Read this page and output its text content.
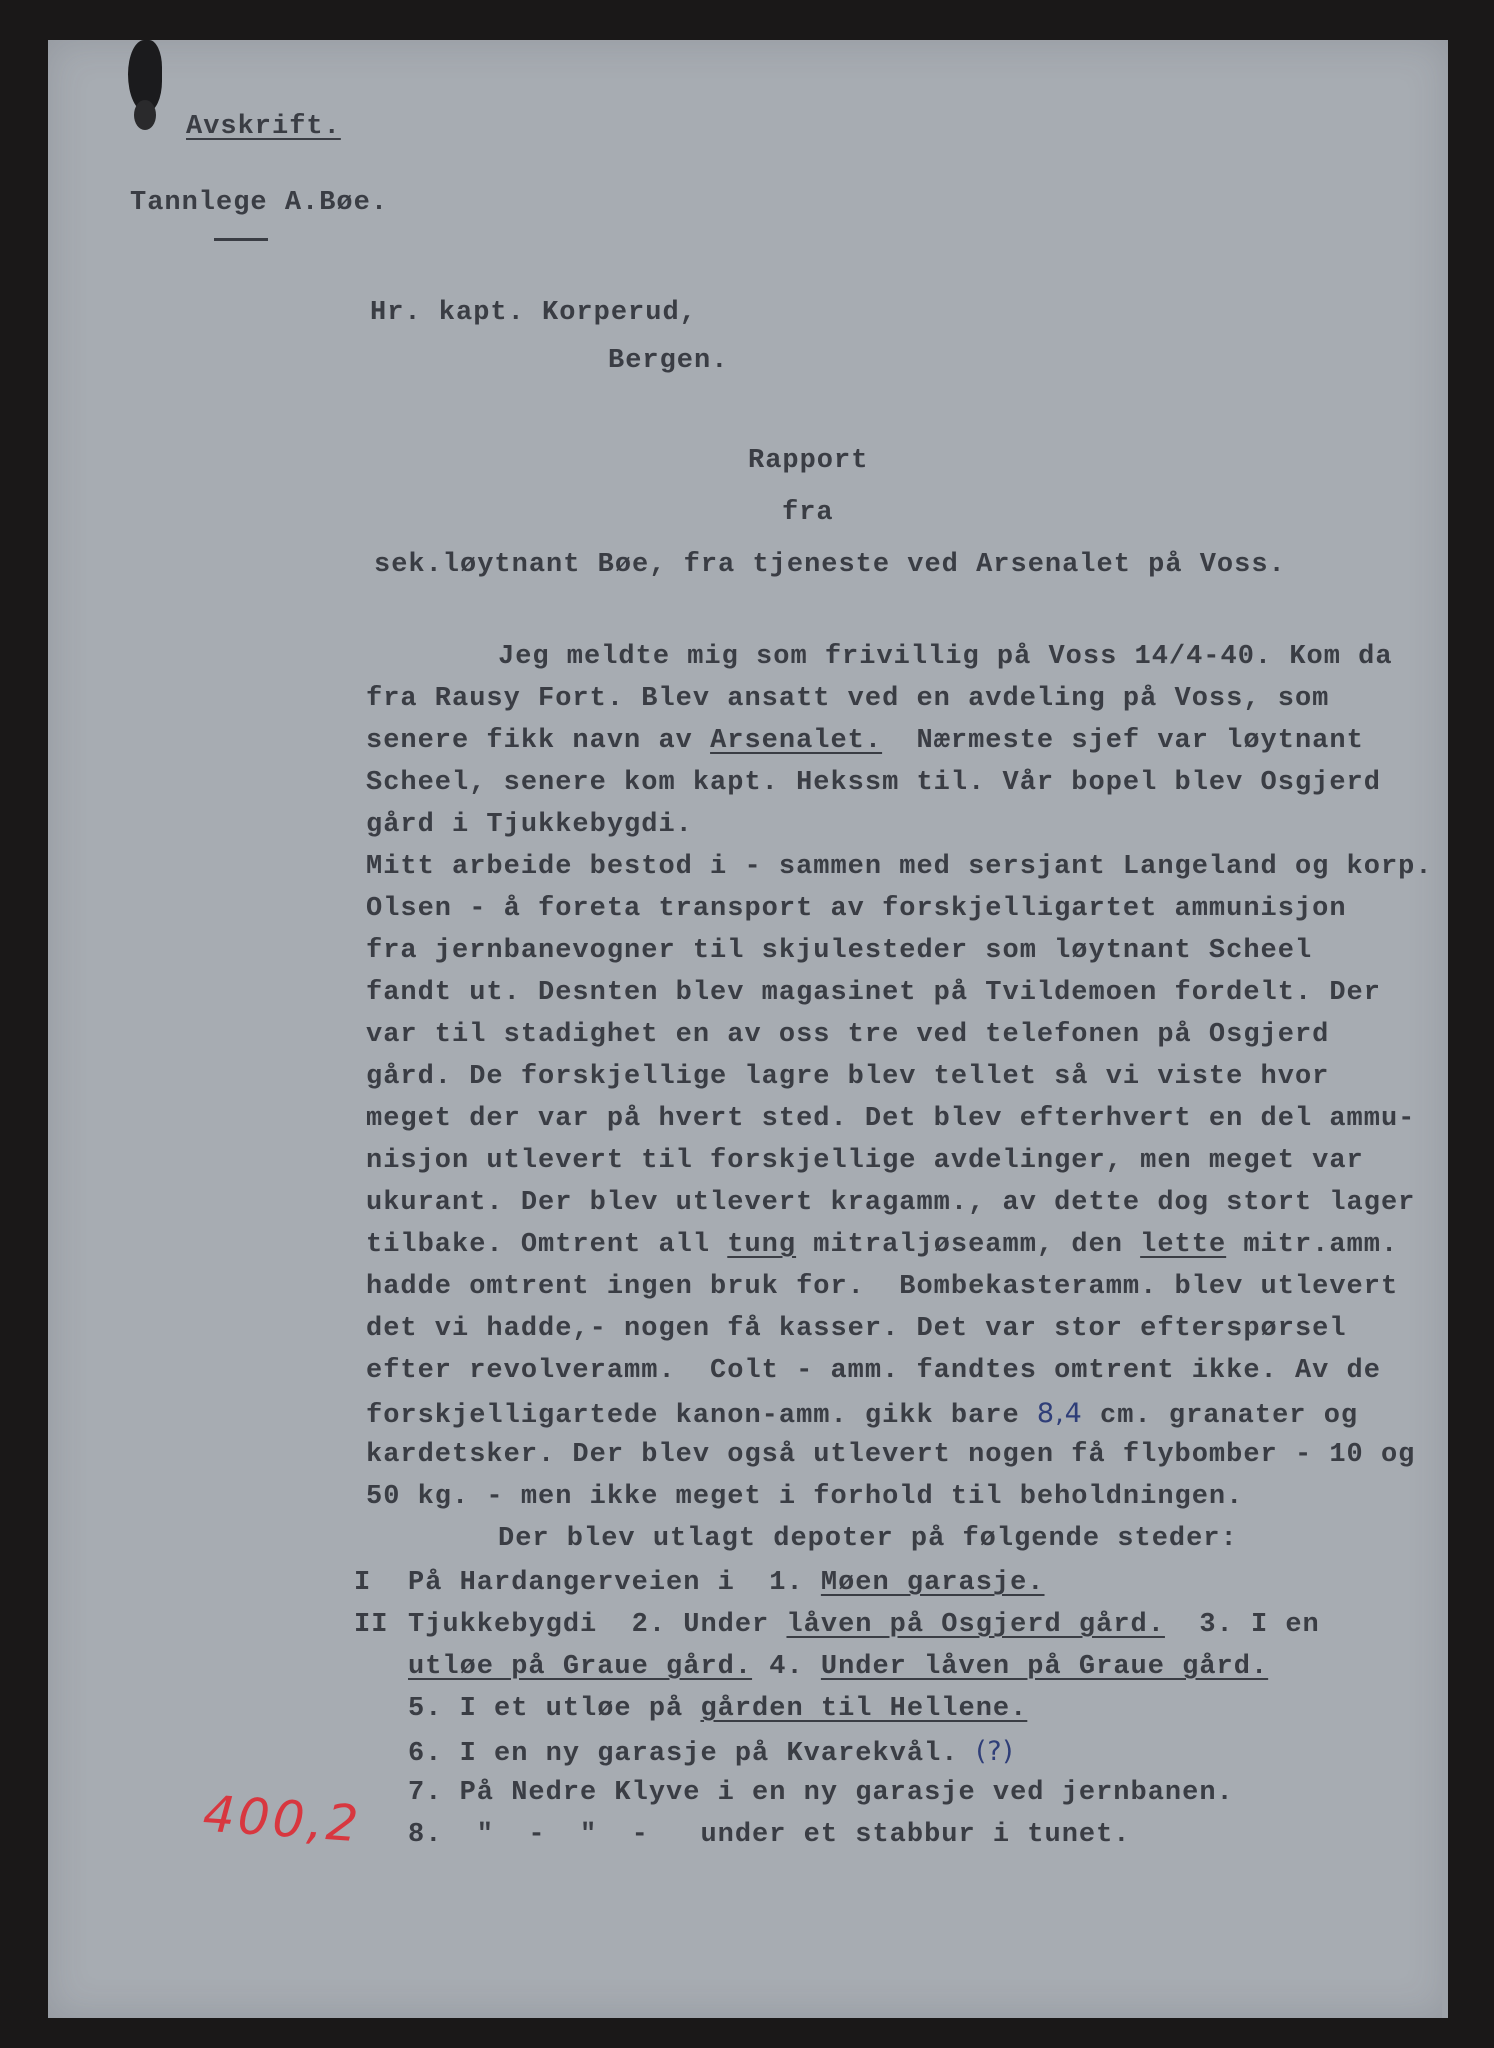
Avskrift.
Tannlege A.Bøe.
Hr. kapt. Korperud,
Bergen.
Rapport
fra
sek.løytnant Bøe, fra tjeneste ved Arsenalet på Voss.
Jeg meldte mig som frivillig på Voss 14/4-40. Kom da
fra Rausy Fort. Blev ansatt ved en avdeling på Voss, som
senere fikk navn av Arsenalet.  Nærmeste sjef var løytnant
Scheel, senere kom kapt. Hekssm til. Vår bopel blev Osgjerd
gård i Tjukkebygdi.
Mitt arbeide bestod i - sammen med sersjant Langeland og korp.
Olsen - å foreta transport av forskjelligartet ammunisjon
fra jernbanevogner til skjulesteder som løytnant Scheel
fandt ut. Desnten blev magasinet på Tvildemoen fordelt. Der
var til stadighet en av oss tre ved telefonen på Osgjerd
gård. De forskjellige lagre blev tellet så vi viste hvor
meget der var på hvert sted. Det blev efterhvert en del ammu-
nisjon utlevert til forskjellige avdelinger, men meget var
ukurant. Der blev utlevert kragamm., av dette dog stort lager
tilbake. Omtrent all tung mitraljøseamm, den lette mitr.amm.
hadde omtrent ingen bruk for.  Bombekasteramm. blev utlevert
det vi hadde,- nogen få kasser. Det var stor efterspørsel
efter revolveramm.  Colt - amm. fandtes omtrent ikke. Av de
forskjelligartede kanon-amm. gikk bare 8,4 cm. granater og
kardetsker. Der blev også utlevert nogen få flybomber - 10 og
50 kg. - men ikke meget i forhold til beholdningen.
Der blev utlagt depoter på følgende steder:
I På Hardangerveien i  1. Møen garasje.
II Tjukkebygdi  2. Under låven på Osgjerd gård.  3. I en
utløe på Graue gård. 4. Under låven på Graue gård.
5. I et utløe på gården til Hellene.
6. I en ny garasje på Kvarekvål. (?)
7. På Nedre Klyve i en ny garasje ved jernbanen.
8.  "  -  "  -   under et stabbur i tunet.
400,2
